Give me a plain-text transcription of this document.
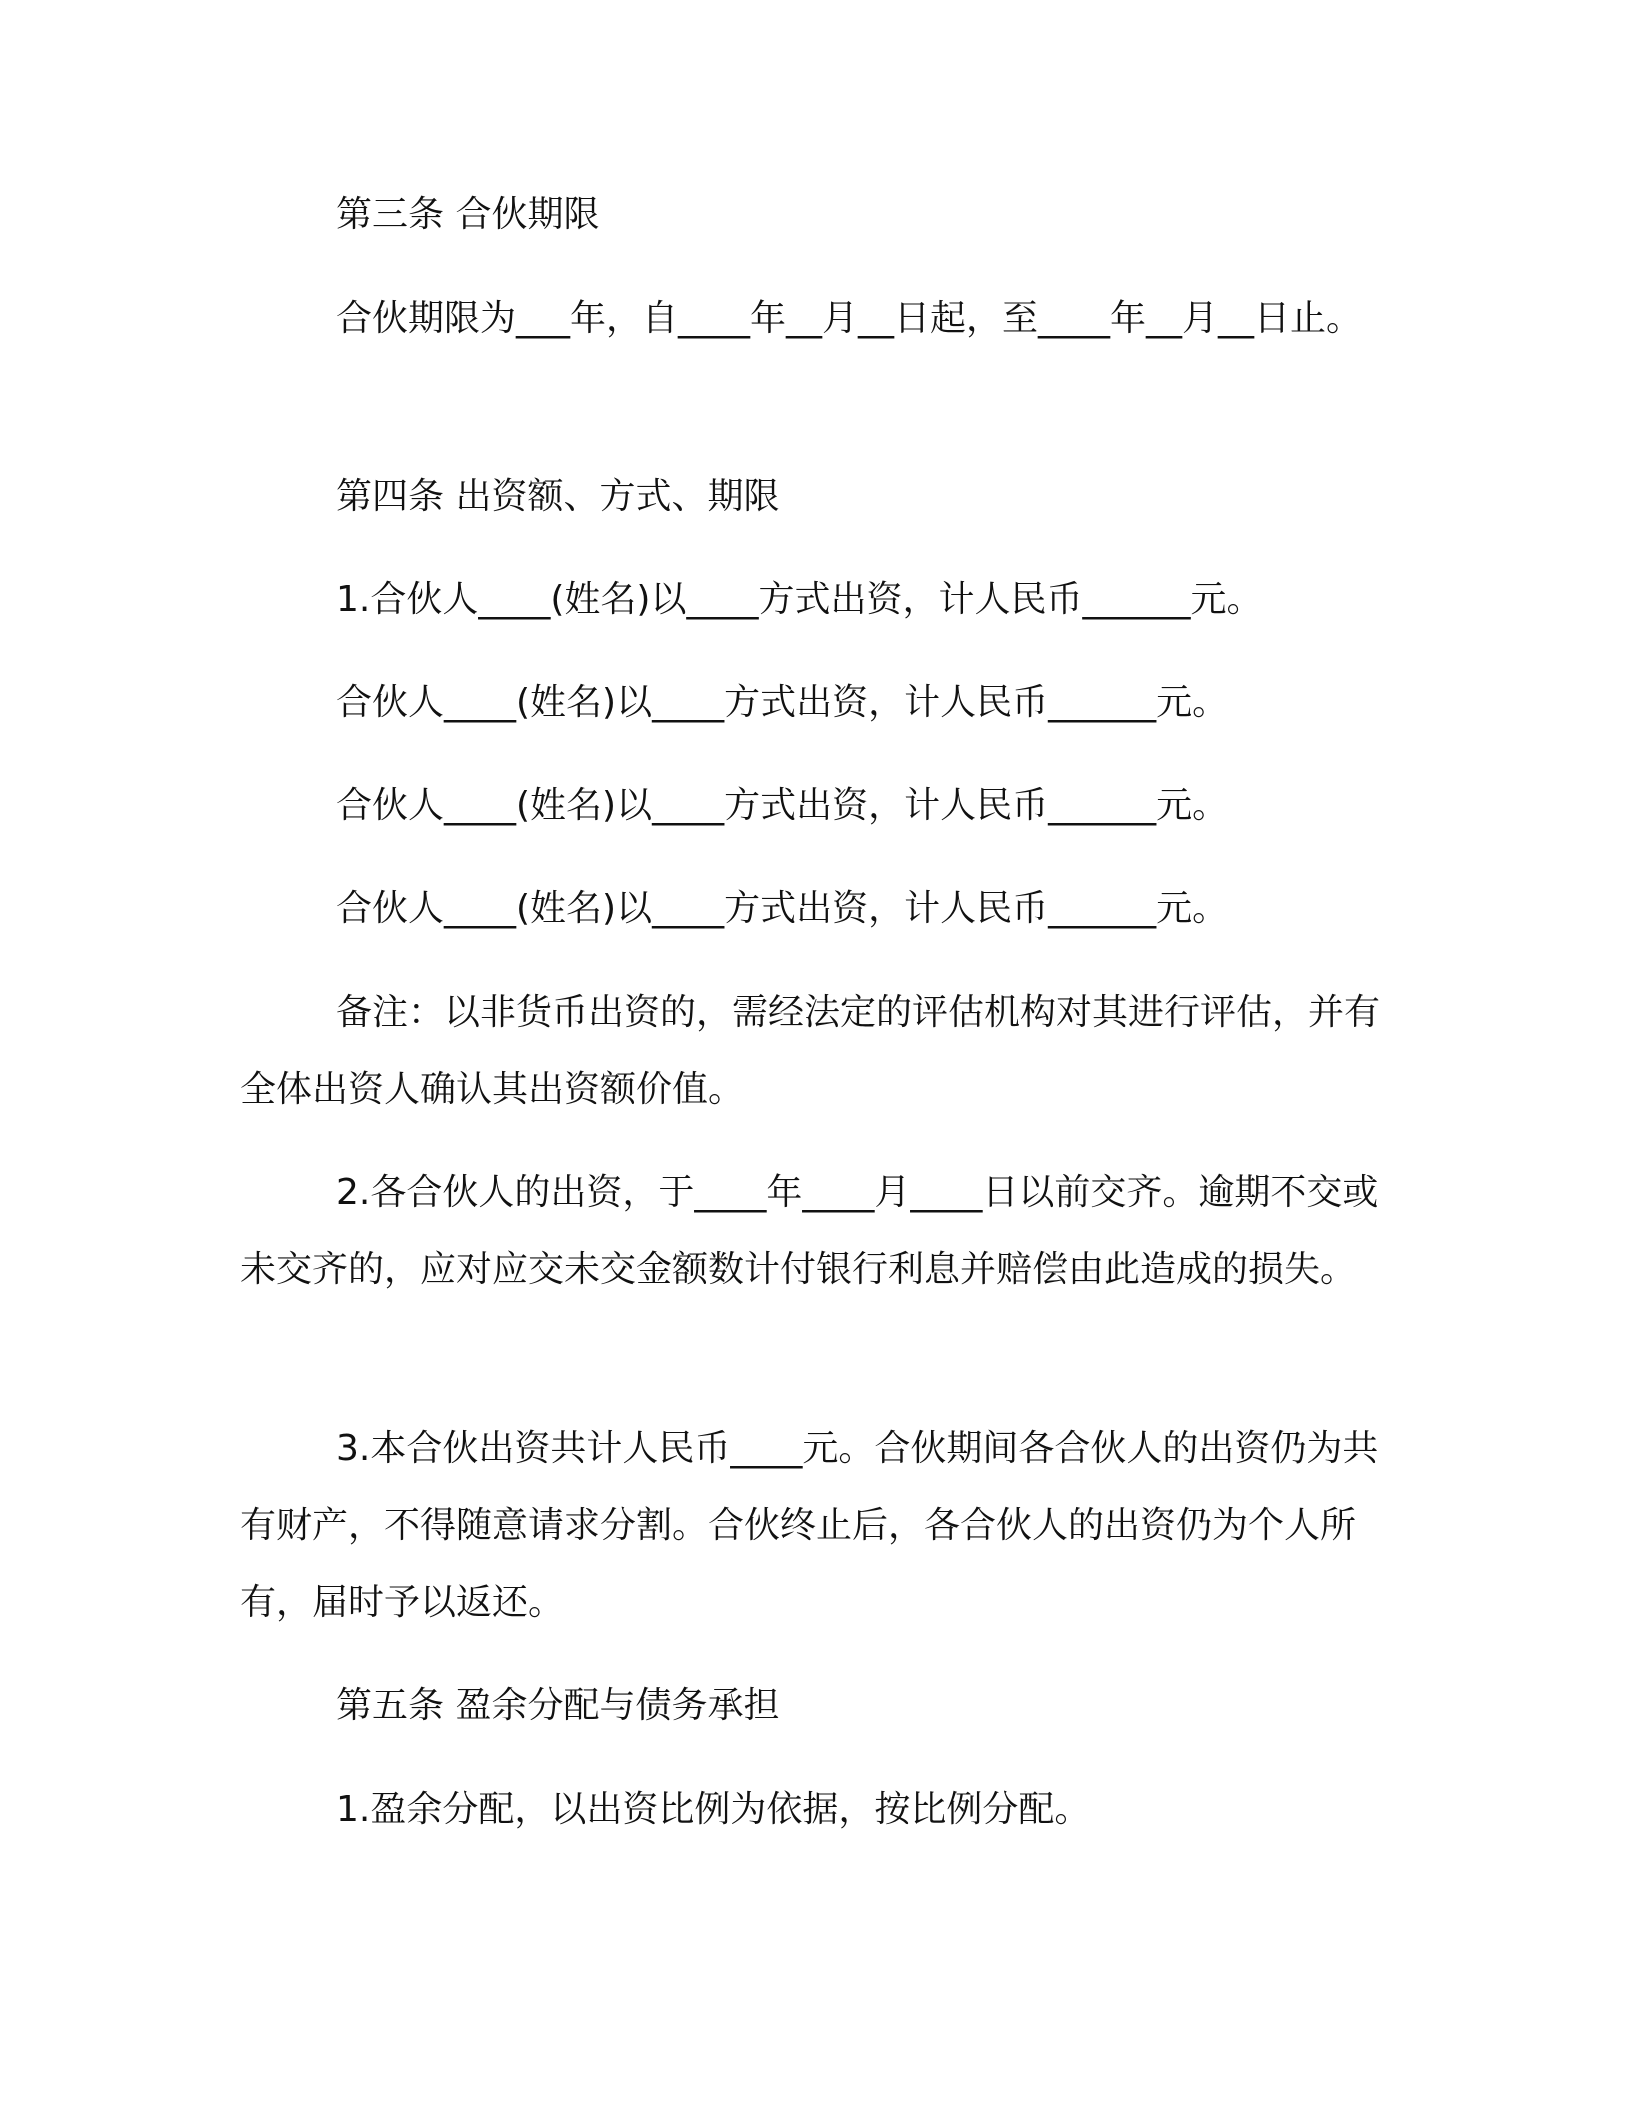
第三条 合伙期限

合伙期限为___年，自____年__月__日起，至____年__月__日止。

第四条 出资额、方式、期限

1.合伙人____(姓名)以____方式出资，计人民币______元。

合伙人____(姓名)以____方式出资，计人民币______元。

合伙人____(姓名)以____方式出资，计人民币______元。

合伙人____(姓名)以____方式出资，计人民币______元。

备注：以非货币出资的，需经法定的评估机构对其进行评估，并有全体出资人确认其出资额价值。

2.各合伙人的出资，于____年____月____日以前交齐。逾期不交或未交齐的，应对应交未交金额数计付银行利息并赔偿由此造成的损失。

3.本合伙出资共计人民币____元。合伙期间各合伙人的出资仍为共有财产，不得随意请求分割。合伙终止后，各合伙人的出资仍为个人所有，届时予以返还。

第五条 盈余分配与债务承担

1.盈余分配，以出资比例为依据，按比例分配。
